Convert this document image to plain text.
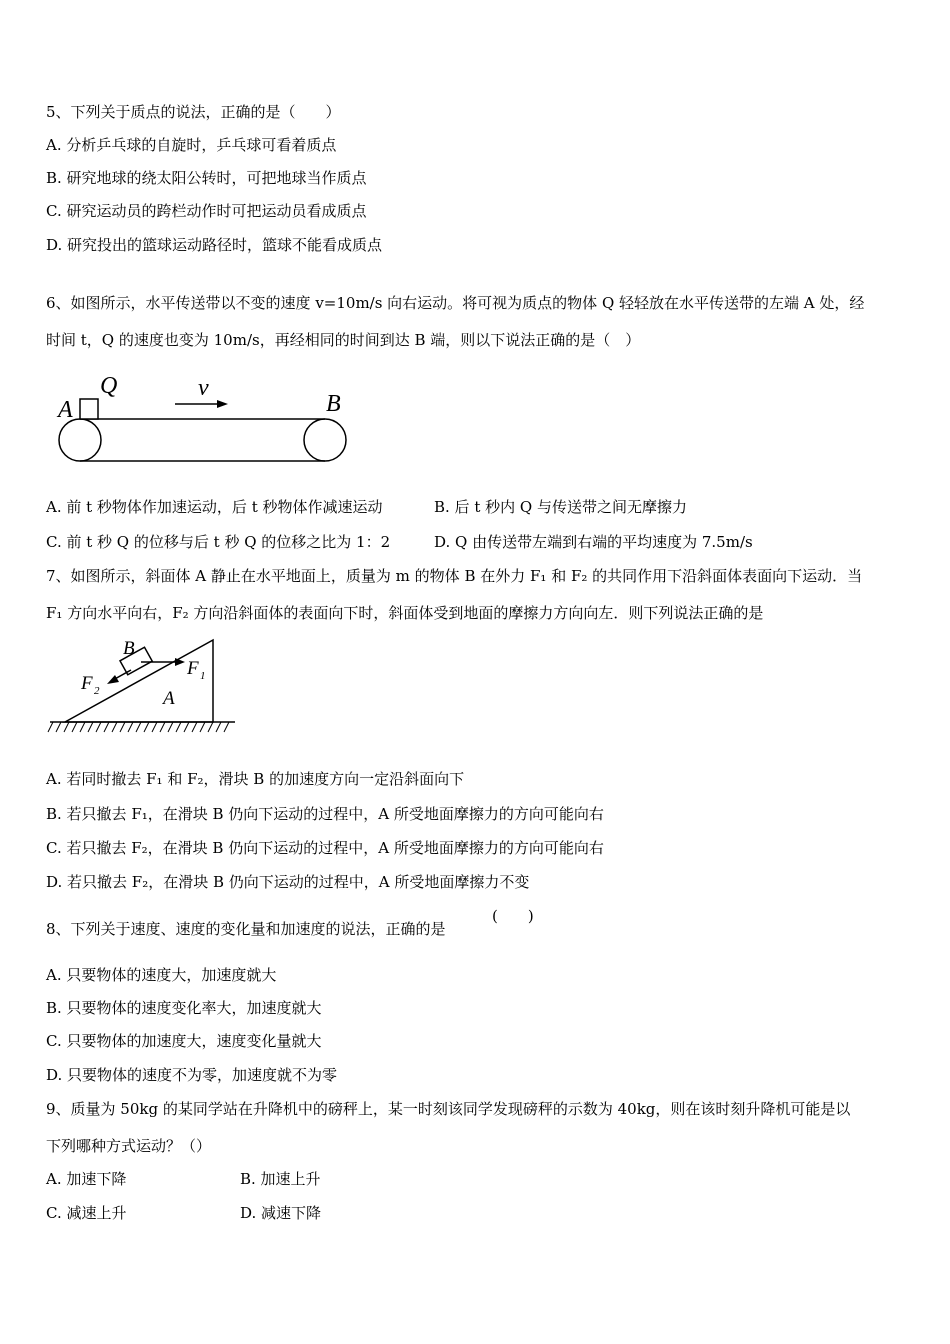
5、下列关于质点的说法，正确的是（　　）
A. 分析乒乓球的自旋时，乒乓球可看着质点
B. 研究地球的绕太阳公转时，可把地球当作质点
C. 研究运动员的跨栏动作时可把运动员看成质点
D. 研究投出的篮球运动路径时，篮球不能看成质点
6、如图所示，水平传送带以不变的速度 v=10m/s 向右运动。将可视为质点的物体 Q 轻轻放在水平传送带的左端 A 处，经
时间 t，Q 的速度也变为 10m/s，再经相同的时间到达 B 端，则以下说法正确的是（　）
A
Q	v
B
A. 前 t 秒物体作加速运动，后 t 秒物体作减速运动	B. 后 t 秒内 Q 与传送带之间无摩擦力
C. 前 t 秒 Q 的位移与后 t 秒 Q 的位移之比为 1：2	D. Q 由传送带左端到右端的平均速度为 7.5m/s
7、如图所示，斜面体 A 静止在水平地面上，质量为 m 的物体 B 在外力 F₁ 和 F₂ 的共同作用下沿斜面体表面向下运动．当
F₁ 方向水平向右，F₂ 方向沿斜面体的表面向下时，斜面体受到地面的摩擦力方向向左．则下列说法正确的是
B
F 1
F 2	A
A. 若同时撤去 F₁ 和 F₂，滑块 B 的加速度方向一定沿斜面向下
B. 若只撤去 F₁，在滑块 B 仍向下运动的过程中，A 所受地面摩擦力的方向可能向右
C. 若只撤去 F₂，在滑块 B 仍向下运动的过程中，A 所受地面摩擦力的方向可能向右
D. 若只撤去 F₂，在滑块 B 仍向下运动的过程中，A 所受地面摩擦力不变
8、下列关于速度、速度的变化量和加速度的说法，正确的是
(　　)
A. 只要物体的速度大，加速度就大
B. 只要物体的速度变化率大，加速度就大
C. 只要物体的加速度大，速度变化量就大
D. 只要物体的速度不为零，加速度就不为零
9、质量为 50kg 的某同学站在升降机中的磅秤上，某一时刻该同学发现磅秤的示数为 40kg，则在该时刻升降机可能是以
下列哪种方式运动？（）
A. 加速下降	B. 加速上升
C. 减速上升	D. 减速下降
